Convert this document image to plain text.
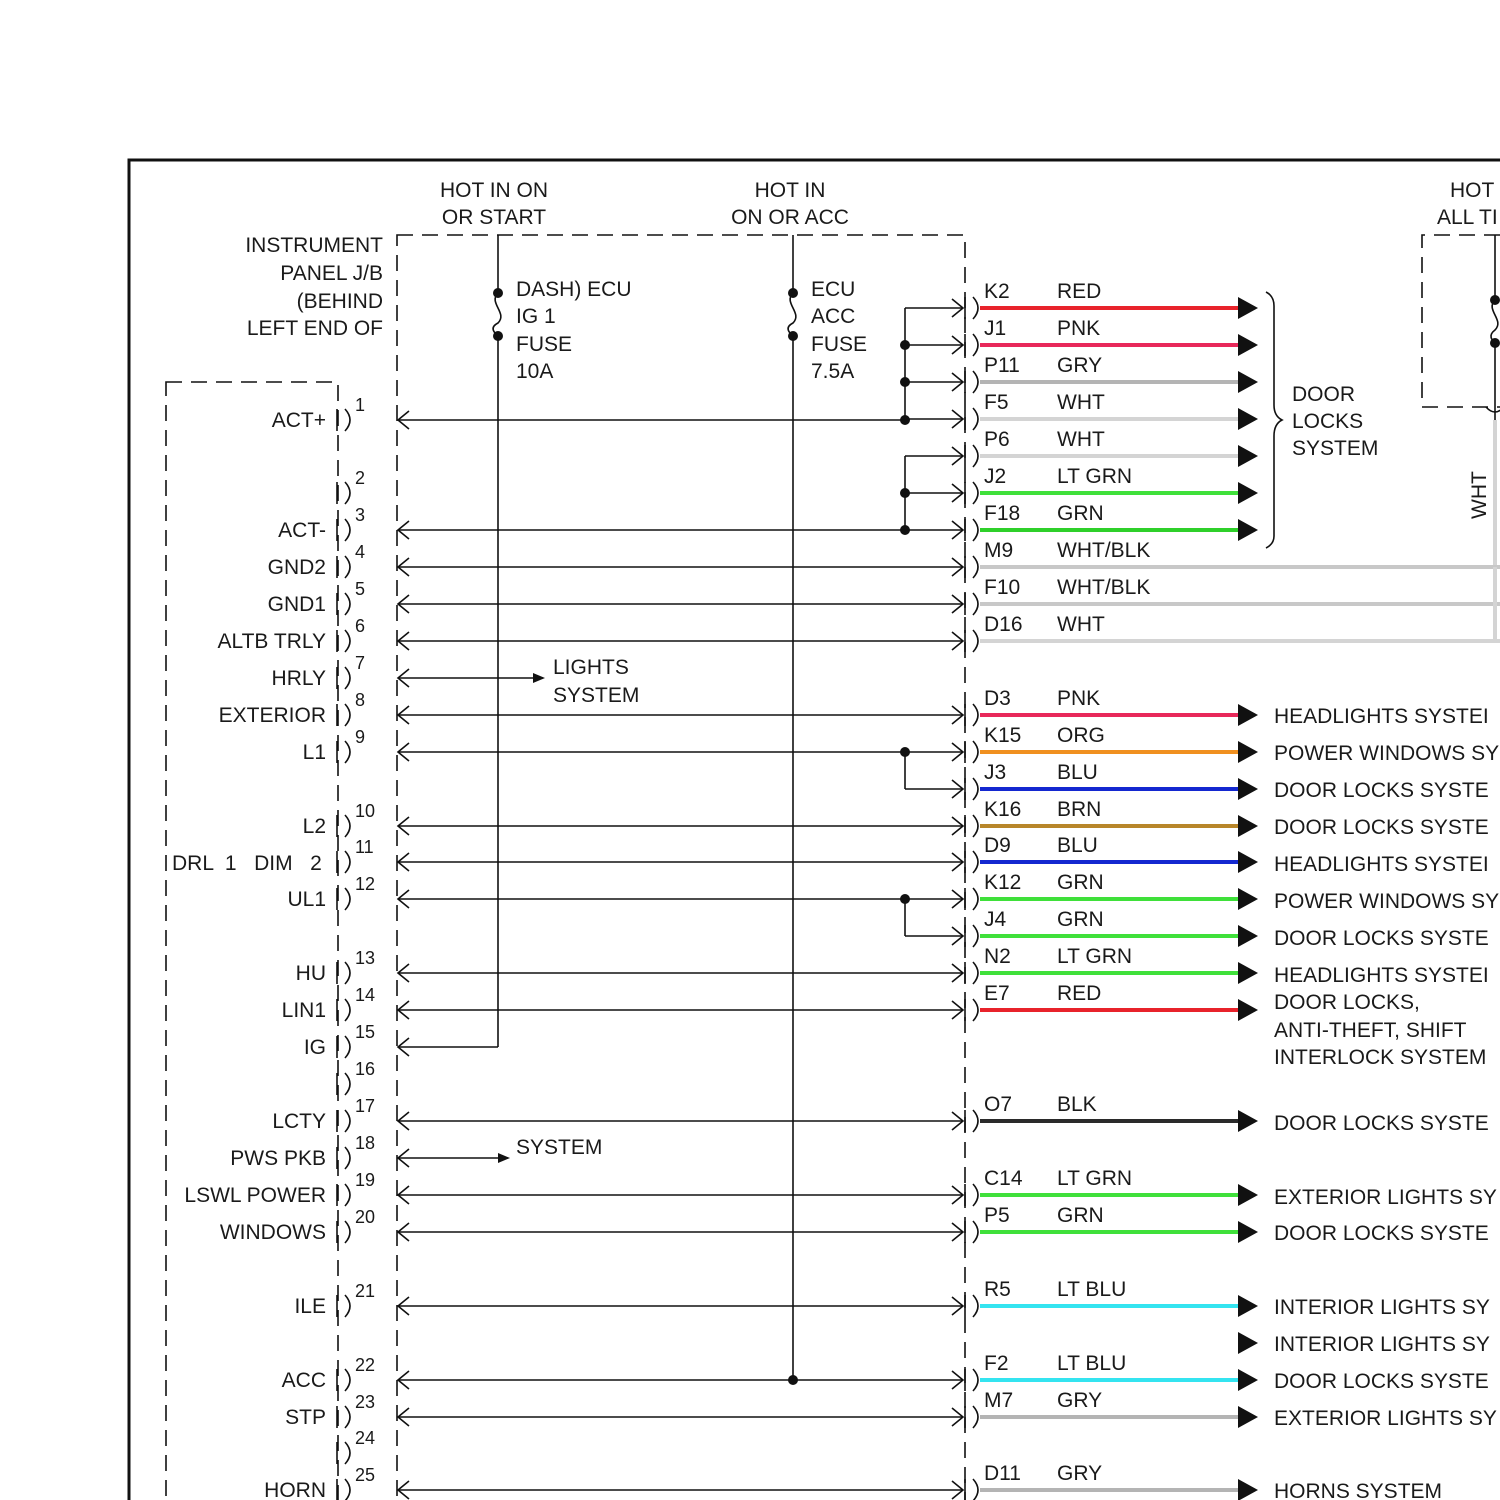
HOT IN ON
OR START
HOT IN
ON OR ACC
HOT
ALL TI
INSTRUMENT
PANEL J/B
(BEHIND
LEFT END OF
DASH) ECU
IG 1
FUSE
10A
ECU
ACC
FUSE
7.5A
WHT
DOOR
LOCKS
SYSTEM
LIGHTS
SYSTEM
SYSTEM
DRL  1   DIM   2
1
ACT+
2
3
ACT-
4
GND2
5
GND1
6
ALTB TRLY
7
HRLY
8
EXTERIOR
9
L1
10
L2
11
12
UL1
13
HU
14
LIN1
15
IG
16
17
LCTY
18
PWS PKB
19
LSWL POWER
20
WINDOWS
21
ILE
22
ACC
23
STP
24
25
HORN
K2 RED
J1 PNK
P11 GRY
F5 WHT
P6 WHT
J2 LT GRN
F18 GRN
M9 WHT/BLK
F10 WHT/BLK
D16 WHT
D3 PNK
K15 ORG
J3 BLU
K16 BRN
D9 BLU
K12 GRN
J4 GRN
N2 LT GRN
E7 RED
O7 BLK
C14 LT GRN
P5 GRN
R5 LT BLU
F2 LT BLU
M7 GRY
D11 GRY
HEADLIGHTS SYSTEI
POWER WINDOWS SY
DOOR LOCKS SYSTE
DOOR LOCKS SYSTE
HEADLIGHTS SYSTEI
POWER WINDOWS SY
DOOR LOCKS SYSTE
HEADLIGHTS SYSTEI
DOOR LOCKS,
ANTI-THEFT, SHIFT
INTERLOCK SYSTEM
DOOR LOCKS SYSTE
EXTERIOR LIGHTS SY
DOOR LOCKS SYSTE
INTERIOR LIGHTS SY
INTERIOR LIGHTS SY
DOOR LOCKS SYSTE
EXTERIOR LIGHTS SY
HORNS SYSTEM
